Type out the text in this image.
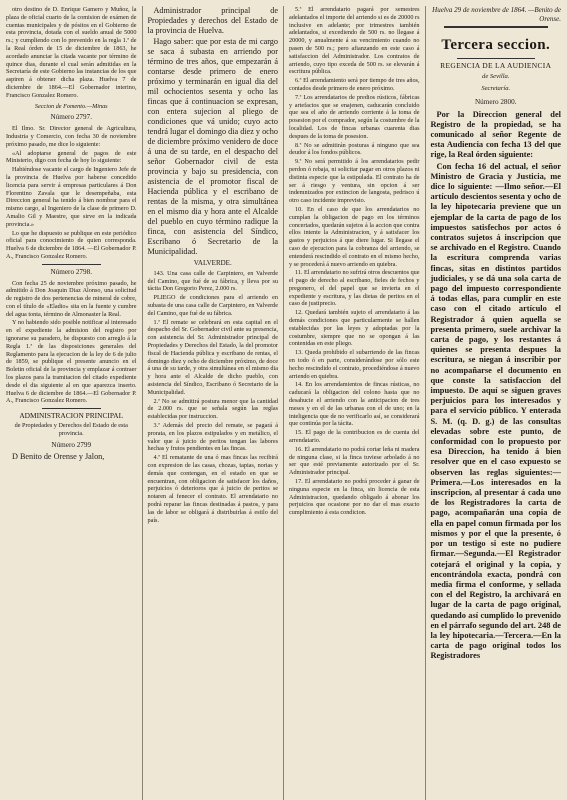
otro destino de D. Enrique Gamero y Muñoz, la plaza de oficial cuarto de la comision de exámen de cuentas municipales y de pósitos en el Gobierno de esta provincia, dotada con el sueldo anual de 5000 rs.; y cumpliendo con lo prevenido en la regla 1.ª de la Real órden de 15 de diciembre de 1863, he acordado anunciar la citada vacante por término de quince dias, durante el cual serán admitidas en la Secretaría de este Gobierno las instancias de los que aspiren á obtener dicha plaza. Huelva 7 de diciembre de 1864.—El Gobernador interino, Francisco Gonzalez Romero.

Seccion de Fomento.—Minas

Número 2797.

El Ilmo. Sr. Director general de Agricultura, Industria y Comercio, con fecha 30 de noviembre próximo pasado, me dice lo siguiente:

«Al adoptarse general de pagos de este Ministerio, digo con fecha de hoy lo siguiente:

Habiéndose vacante el cargo de Ingeniero Jefe de la provincia de Huelva por haberse concedido licencia para servir á empresas particulares á Don Florentino Zavala que le desempeñaba, esta Direccion general ha tenido á bien nombrar para el mismo cargo, al Ingeniero de la clase de primero D. Amalio Gil y Maestre, que sirve en la indicada provincia.»

Lo que he dispuesto se publique en este periódico oficial para conocimiento de quien corresponda. Huelva 6 de diciembre de 1864. —El Gobernador P. A., Francisco Gonzalez Romero.

Número 2798.

Con fecha 25 de noviembre próximo pasado, he admitido á Don Joaquin Diaz Alonso, una solicitud de registro de dos pertenencias de mineral de cobre, con el título de «Eladio» sita en la fuente y cumbre del agua tonta, término de Almonaster la Real.

Y no habiendo sido posible notificar al interesado en el expediente la admision del registro por ignorarse su paradero, he dispuesto con arreglo á la Regla 1.ª de las disposiciones generales del Reglamento para la ejecucion de la ley de 6 de julio de 1859, se publique el presente anuncio en el Boletin oficial de la provincia y emplazar á contraer los plazos para la tramitacion del citado expediente desde el dia siguiente al en que aparezca inserto. Huelva 6 de diciembre de 1864.—El Gobernador P. A., Francisco Gonzalez Romero.

ADMINISTRACION PRINCIPAL

de Propiedades y Derechos del Estado de esta provincia.

Número 2799

D Benito de Orense y Jalon,

Administrador principal de Propiedades y derechos del Estado de la provincia de Huelva.

Hago saber: que por esta de mi cargo se saca á subasta en arriendo por término de tres años, que empezarán á contarse desde primero de enero próximo y terminarán en igual dia del mil ochocientos sesenta y ocho las fincas que á continuacion se expresan, con entera sujecion al pliego de condiciones que vá unido; cuyo acto tendrá lugar el domingo dia diez y ocho de diciembre próximo venidero de doce á una de su tarde, en el despacho del señor Gobernador civil de esta provincia y bajo su presidencia, con asistencia de el promotor fiscal de Hacienda pública y el escribano de rentas de la misma, y otra simultánea en el mismo dia y hora ante el Alcalde del pueblo en cuyo término radique la finca, con asistencia del Síndico, Escribano ó Secretario de la Municipalidad.

VALVERDE.

143. Una casa calle de Carpintero, en Valverde del Camino, que fué de su fábrica, y lleva por su tácita Don Gregorio Perez, 2.000 rs.

PLIEGO de condiciones para el arriendo en subasta de una casa calle de Carpintero, en Valverde del Camino, que fué de su fábrica.

1.ª El remate se celebrará en esta capital en el despacho del Sr. Gobernador civil ante su presencia, con asistencia del Sr. Administrador principal de Propiedades y Derechos del Estado, la del promotor fiscal de Hacienda pública y escribano de rentas, el domingo diez y ocho de diciembre próximo, de doce á una de su tarde, y otra simultánea en el mismo dia y hora ante el Alcalde de dicho pueblo, con asistencia del Síndico, Escribano ó Secretario de la Municipalidad.

2.ª No se admitirá postura menor que la cantidad de 2.000 rs. que se señala según las reglas establecidas por instruccion.

3.ª Además del precio del remate, se pagará á prorata, en los plazos estipulados y en metálico, el valor que á juicio de peritos tengan las labores hechas y frutos pendientes en las fincas.

4.ª El rematante de una ó mas fincas las recibirá con expresion de las casas, chozas, tapias, norias y demás que contengan, en el estado en que se encuentran, con obligacion de satisfacer los daños, perjuicios ó deterioros que á juicio de peritos se notaren al fenecer el contrato. El arrendatario no podrá reparar las fincas destinadas á pastos, y para las de labor se obligará á distribuirlas á estilo del país.

5.ª El arrendatario pagará por semestres adelantados el importe del arriendo si es de 20000 rs inclusive en adelante; por trimestres también adelantados, si excediendo de 500 rs. no llegase á 20000, y anualmente á su vencimiento cuando no pasen de 500 rs.; pero afianzando en este caso á satisfaccion del Administrador. Los contratos de arriendo, cuyo tipo exceda de 500 rs. se elevarán á escritura pública.

6.ª El arrendamiento será por tiempo de tres años, contados desde primero de enero próximo.

7.ª Los arrendatarios de predios rústicos, fábricas y artefactos que se enajenen, caducarán concluido que sea el año de arriendo corriente á la toma de posesion por el comprador, según la costumbre de la localidad. Los de fincas urbanas cuarenta dias despues de la toma de posesion.

8.ª No se admitirán posturas á ninguno que sea deudor á los fondos públicos.

9.ª No será permitido á los arrendatarios pedir perdon ó rebaja, ni solicitar pagar en otros plazos ni distinta especie que la estipulada. El contrato ha de ser á riesgo y ventura, sin opcion á ser indemnizados por extincion de langosta, pedrisco ú otro caso incidente imprevisto.

10. En el caso de que los arrendatarios no cumplan la obligacion de pago en los términos concertados, quedarán sujetos á la accion que contra ellos intente la Administracion, y á satisfacer los gastos y perjuicios á que diere lugar. Si llegase el caso de ejecucion para la cobranza del arriendo, se entenderá rescindido el contrato en el mismo hecho, y se procederá á nuevo arriendo en quiebra.

11. El arrendatario no sufrirá otros descuentos que el pago de derecho al escribano, fieles de fechos y pregonero, el del papel que se invierta en el expediente y escritura, y las dietas de peritos en el caso de justiprecio.

12. Quedará también sujeto el arrendatario á las demás condiciones que particularmente se hallen establecidas por las leyes y adoptadas por la costumbre, siempre que no se opongan á las contenidas en este pliego.

13. Queda prohibido el subarriendo de las fincas en todo ó en parte, considerándose por sólo este hecho rescindido el contrato, procediéndose á nuevo arriendo en quiebra.

14. En los arrendamientos de fincas rústicas, no caducará la obligacion del colono hasta que no desahucie el arriendo con la anticipacion de tres meses y en el de las urbanas con el de uno; en la inteligencia que de no verificarlo así, se considerará que continúa por la tácita.

15. El pago de la contribucion es de cuenta del arrendatario.

16. El arrendatario no podrá cortar leña ni madera de ninguna clase, si la finca tuviese arbolado á no ser que esté previamente autorizado por el Sr. Administrador principal.

17. El arrendatario no podrá proceder á ganar de ninguna especie en la finca, sin licencia de esta Administracion, quedando obligado á abonar los perjuicios que ocasione por no dar el mas exacto cumplimiento á esta condicion.

Huelva 29 de noviembre de 1864. —Benito de Orense.

Tercera seccion.

REGENCIA DE LA AUDIENCIA

de Sevilla.

Secretaría.

Número 2800.

Por la Direccion general del Registro de la propiedad, se ha comunicado al señor Regente de esta Audiencia con fecha 13 del que rige, la Real órden siguiente:

Con fecha 16 del actual, el señor Ministro de Gracia y Justicia, me dice lo siguiente: —Ilmo señor.—El artículo descientos sesenta y ocho de la ley hipotecaria previene que un ejemplar de la carta de pago de los impuestos satisfechos por actos ó contratos sujetos á inscripcion que se archivado en el Registro. Cuando la escritura comprenda varias fincas, sitas en distintos partidos judiciales, y se dá una sola carta de pago del impuesto correspondiente á todas ellas, para cumplir en este caso con el citado artículo el Registrador á quien aquella se presenta primero, suele archivar la carta de pago, y los restantes á quienes se presenta despues la escritura, se niegan á inscribir por no acompañarse el documento en que conste la satisfaccion del impuesto. De aquí se siguen graves perjuicios para los interesados y para el servicio público. Y enterada S. M. (q. D. g.) de las consultas elevadas sobre este punto, de conformidad con lo propuesto por esa Direccion, ha tenido á bien resolver que en el caso expuesto se observen las reglas siguientes:—Primera.—Los interesados en la inscripcion, al presentar á cada uno de los Registradores la carta de pago, acompañarán una copia de ella en papel comun firmada por los mismos y por el que la presente, ó por un testigo si este no pudiere firmar.—Segunda.—El Registrador cotejará el original y la copia, y encontrándola exacta, pondrá con media firma el conforme, y sellada con el del Registro, la archivará en lugar de la carta de pago original, quedando así cumplido lo prevenido en el párrafo segundo del art. 248 de la ley hipotecaria.—Tercera.—En la carta de pago original todos los Registradores
